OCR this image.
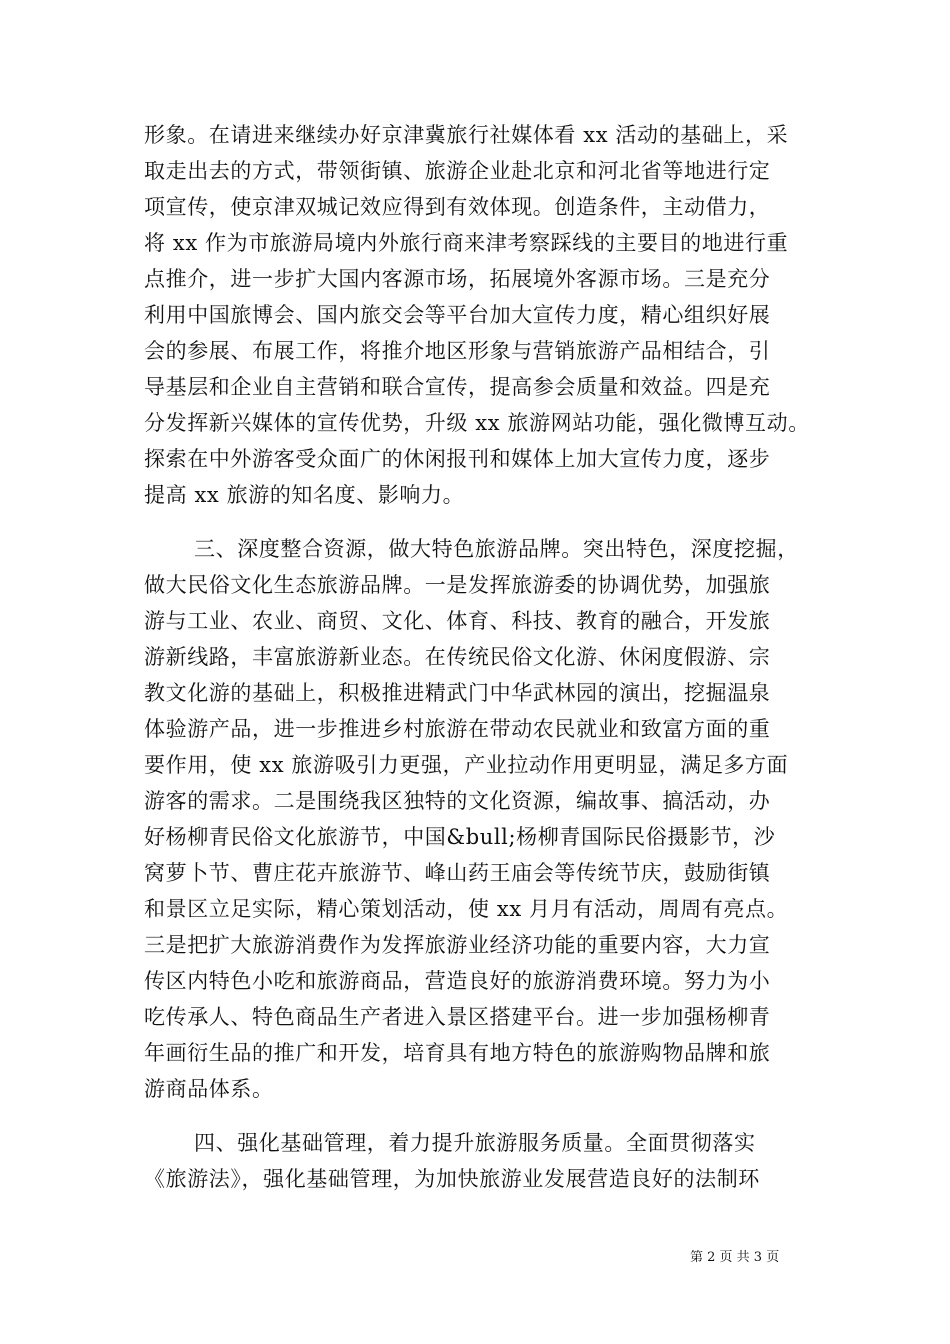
形象。在请进来继续办好京津冀旅行社媒体看 xx 活动的基础上，采
取走出去的方式，带领街镇、旅游企业赴北京和河北省等地进行定
项宣传，使京津双城记效应得到有效体现。创造条件，主动借力，
将 xx 作为市旅游局境内外旅行商来津考察踩线的主要目的地进行重
点推介，进一步扩大国内客源市场，拓展境外客源市场。三是充分
利用中国旅博会、国内旅交会等平台加大宣传力度，精心组织好展
会的参展、布展工作，将推介地区形象与营销旅游产品相结合，引
导基层和企业自主营销和联合宣传，提高参会质量和效益。四是充
分发挥新兴媒体的宣传优势，升级 xx 旅游网站功能，强化微博互动。
探索在中外游客受众面广的休闲报刊和媒体上加大宣传力度，逐步
提高 xx 旅游的知名度、影响力。
三、深度整合资源，做大特色旅游品牌。突出特色，深度挖掘，
做大民俗文化生态旅游品牌。一是发挥旅游委的协调优势，加强旅
游与工业、农业、商贸、文化、体育、科技、教育的融合，开发旅
游新线路，丰富旅游新业态。在传统民俗文化游、休闲度假游、宗
教文化游的基础上，积极推进精武门中华武林园的演出，挖掘温泉
体验游产品，进一步推进乡村旅游在带动农民就业和致富方面的重
要作用，使 xx 旅游吸引力更强，产业拉动作用更明显，满足多方面
游客的需求。二是围绕我区独特的文化资源，编故事、搞活动，办
好杨柳青民俗文化旅游节，中国&bull;杨柳青国际民俗摄影节，沙
窝萝卜节、曹庄花卉旅游节、峰山药王庙会等传统节庆，鼓励街镇
和景区立足实际，精心策划活动，使 xx 月月有活动，周周有亮点。
三是把扩大旅游消费作为发挥旅游业经济功能的重要内容，大力宣
传区内特色小吃和旅游商品，营造良好的旅游消费环境。努力为小
吃传承人、特色商品生产者进入景区搭建平台。进一步加强杨柳青
年画衍生品的推广和开发，培育具有地方特色的旅游购物品牌和旅
游商品体系。
四、强化基础管理，着力提升旅游服务质量。全面贯彻落实
《旅游法》，强化基础管理，为加快旅游业发展营造良好的法制环
第 2 页 共 3 页
